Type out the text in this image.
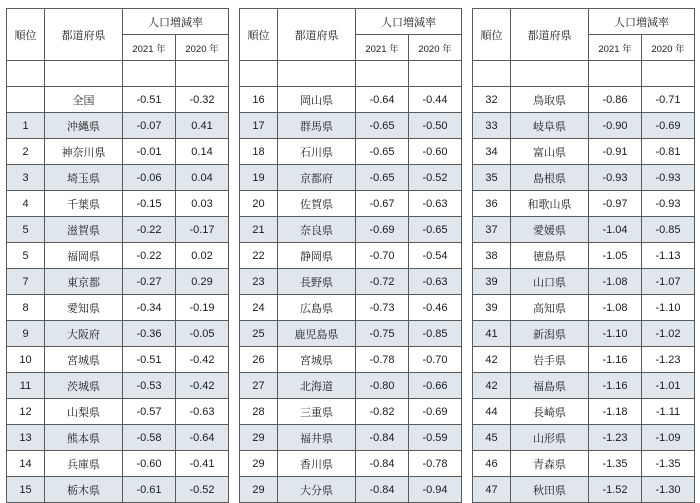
順位	都道府県	人口増減率	
		2021 年	2020 年

	全国	-0.51	-0.32
1	沖縄県	-0.07	0.41
2	神奈川県	-0.01	0.14
3	埼玉県	-0.06	0.04
4	千葉県	-0.15	0.03
5	滋賀県	-0.22	-0.17
5	福岡県	-0.22	0.02
7	東京都	-0.27	0.29
8	愛知県	-0.34	-0.19
9	大阪府	-0.36	-0.05
10	宮城県	-0.51	-0.42
11	茨城県	-0.53	-0.42
12	山梨県	-0.57	-0.63
13	熊本県	-0.58	-0.64
14	兵庫県	-0.60	-0.41
15	栃木県	-0.61	-0.52
順位	都道府県	人口増減率	
		2021 年	2020 年

16	岡山県	-0.64	-0.44
17	群馬県	-0.65	-0.50
18	石川県	-0.65	-0.60
19	京都府	-0.65	-0.52
20	佐賀県	-0.67	-0.63
21	奈良県	-0.69	-0.65
22	静岡県	-0.70	-0.54
23	長野県	-0.72	-0.63
24	広島県	-0.73	-0.46
25	鹿児島県	-0.75	-0.85
26	宮城県	-0.78	-0.70
27	北海道	-0.80	-0.66
28	三重県	-0.82	-0.69
29	福井県	-0.84	-0.59
29	香川県	-0.84	-0.78
29	大分県	-0.84	-0.94
順位	都道府県	人口増減率	
		2021 年	2020 年

32	鳥取県	-0.86	-0.71
33	岐阜県	-0.90	-0.69
34	富山県	-0.91	-0.81
35	島根県	-0.93	-0.93
36	和歌山県	-0.97	-0.93
37	愛媛県	-1.04	-0.85
38	徳島県	-1.05	-1.13
39	山口県	-1.08	-1.07
39	高知県	-1.08	-1.10
41	新潟県	-1.10	-1.02
42	岩手県	-1.16	-1.23
42	福島県	-1.16	-1.01
44	長崎県	-1.18	-1.11
45	山形県	-1.23	-1.09
46	青森県	-1.35	-1.35
47	秋田県	-1.52	-1.30
